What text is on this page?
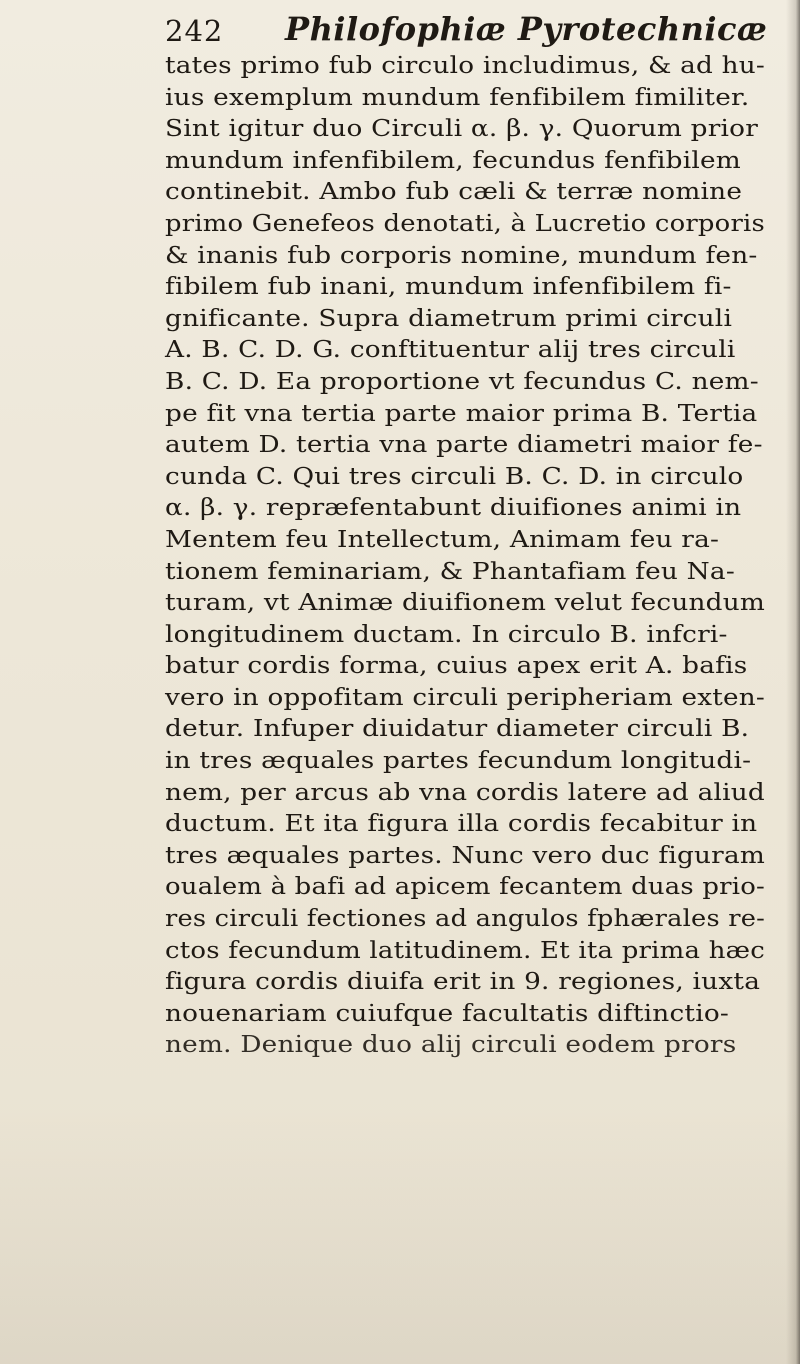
242 Philofophiæ Pyrotechnicæ
tates primo fub circulo includimus, & ad hu-
ius exemplum mundum fenfibilem fimiliter.
Sint igitur duo Circuli α. β. γ. Quorum prior
mundum infenfibilem, fecundus fenfibilem
continebit. Ambo fub cæli & terræ nomine
primo Genefeos denotati, à Lucretio corporis
& inanis fub corporis nomine, mundum fen-
fibilem fub inani, mundum infenfibilem fi-
gnificante. Supra diametrum primi circuli
A. B. C. D. G. conftituentur alij tres circuli
B. C. D. Ea proportione vt fecundus C. nem-
pe fit vna tertia parte maior prima B. Tertia
autem D. tertia vna parte diametri maior fe-
cunda C. Qui tres circuli B. C. D. in circulo
α. β. γ. repræfentabunt diuifiones animi in
Mentem feu Intellectum, Animam feu ra-
tionem feminariam, & Phantafiam feu Na-
turam, vt Animæ diuifionem velut fecundum
longitudinem ductam. In circulo B. infcri-
batur cordis forma, cuius apex erit A. bafis
vero in oppofitam circuli peripheriam exten-
detur. Infuper diuidatur diameter circuli B.
in tres æquales partes fecundum longitudi-
nem, per arcus ab vna cordis latere ad aliud
ductum. Et ita figura illa cordis fecabitur in
tres æquales partes. Nunc vero duc figuram
oualem à bafi ad apicem fecantem duas prio-
res circuli fectiones ad angulos fphærales re-
ctos fecundum latitudinem. Et ita prima hæc
figura cordis diuifa erit in 9. regiones, iuxta
nouenariam cuiufque facultatis diftinctio-
nem. Denique duo alij circuli eodem prors
